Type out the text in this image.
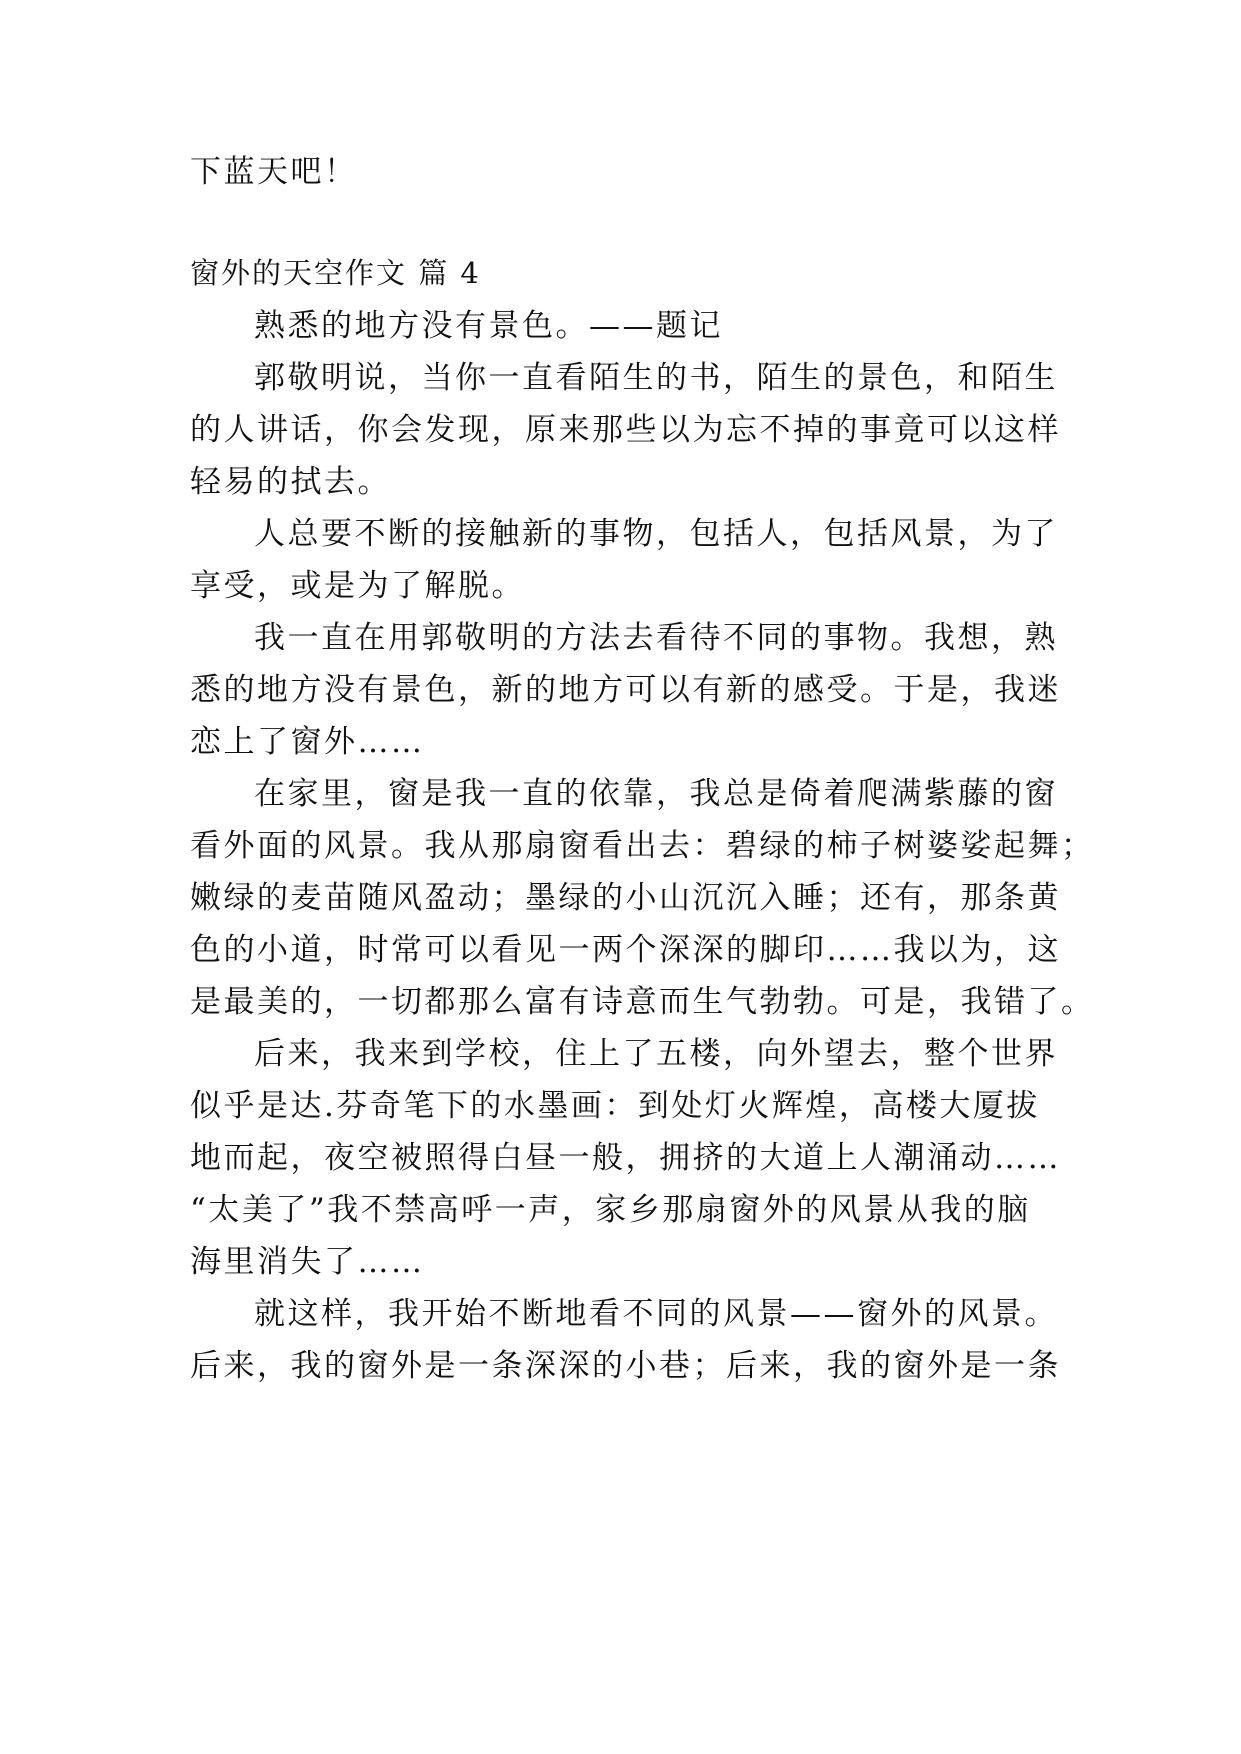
下蓝天吧！
窗外的天空作文 篇 4
熟悉的地方没有景色。——题记
郭敬明说，当你一直看陌生的书，陌生的景色，和陌生
的人讲话，你会发现，原来那些以为忘不掉的事竟可以这样
轻易的拭去。
人总要不断的接触新的事物，包括人，包括风景，为了
享受，或是为了解脱。
我一直在用郭敬明的方法去看待不同的事物。我想，熟
悉的地方没有景色，新的地方可以有新的感受。于是，我迷
恋上了窗外……
在家里，窗是我一直的依靠，我总是倚着爬满紫藤的窗
看外面的风景。我从那扇窗看出去：碧绿的柿子树婆娑起舞；
嫩绿的麦苗随风盈动；墨绿的小山沉沉入睡；还有，那条黄
色的小道，时常可以看见一两个深深的脚印……我以为，这
是最美的，一切都那么富有诗意而生气勃勃。可是，我错了。
后来，我来到学校，住上了五楼，向外望去，整个世界
似乎是达.芬奇笔下的水墨画：到处灯火辉煌，高楼大厦拔
地而起，夜空被照得白昼一般，拥挤的大道上人潮涌动……
“太美了”我不禁高呼一声，家乡那扇窗外的风景从我的脑
海里消失了……
就这样，我开始不断地看不同的风景——窗外的风景。
后来，我的窗外是一条深深的小巷；后来，我的窗外是一条
